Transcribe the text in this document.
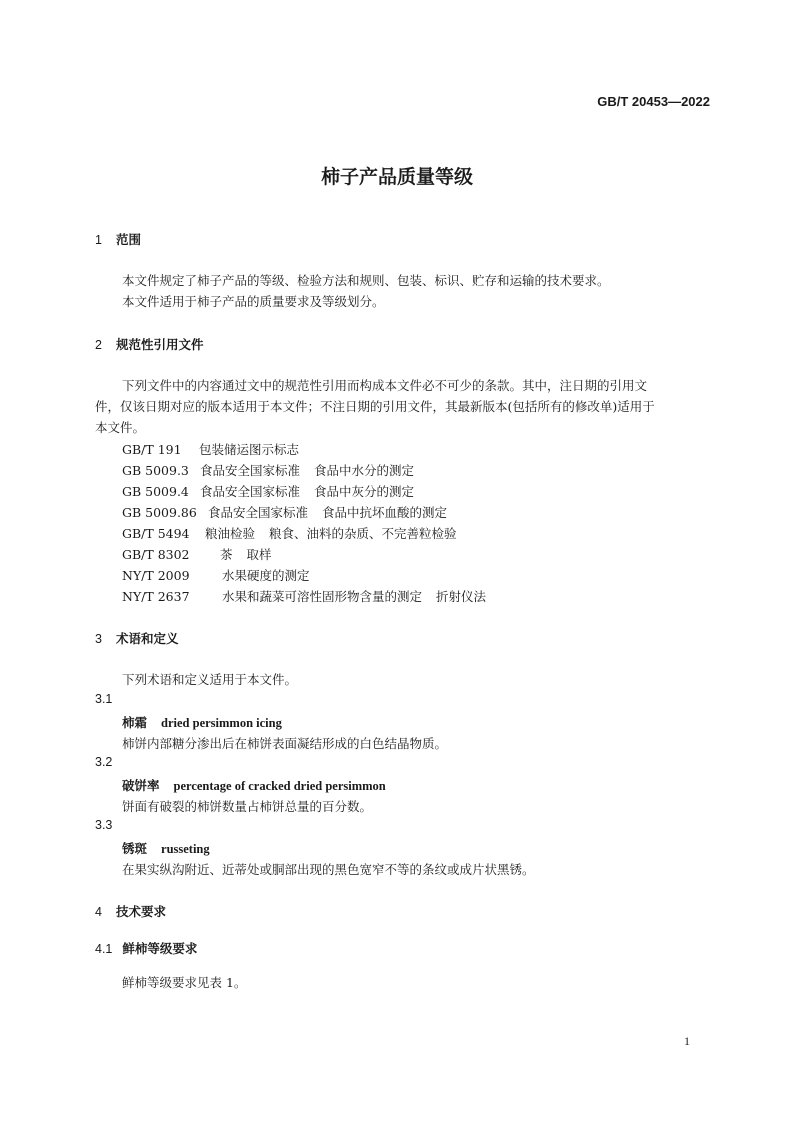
GB/T 20453—2022
柿子产品质量等级
1 范围
本文件规定了柿子产品的等级、检验方法和规则、包装、标识、贮存和运输的技术要求。
本文件适用于柿子产品的质量要求及等级划分。
2 规范性引用文件
下列文件中的内容通过文中的规范性引用而构成本文件必不可少的条款。其中，注日期的引用文
件，仅该日期对应的版本适用于本文件；不注日期的引用文件，其最新版本(包括所有的修改单)适用于
本文件。
GB/T 191 包装储运图示标志
GB 5009.3 食品安全国家标准 食品中水分的测定
GB 5009.4 食品安全国家标准 食品中灰分的测定
GB 5009.86 食品安全国家标准 食品中抗坏血酸的测定
GB/T 5494 粮油检验 粮食、油料的杂质、不完善粒检验
GB/T 8302 茶 取样
NY/T 2009	水果硬度的测定
NY/T 2637	水果和蔬菜可溶性固形物含量的测定 折射仪法
3 术语和定义
下列术语和定义适用于本文件。
3.1
柿霜 dried persimmon icing
柿饼内部糖分渗出后在柿饼表面凝结形成的白色结晶物质。
3.2
破饼率 percentage of cracked dried persimmon
饼面有破裂的柿饼数量占柿饼总量的百分数。
3.3
锈斑 russeting
在果实纵沟附近、近蒂处或胴部出现的黑色宽窄不等的条纹或成片状黑锈。
4 技术要求
4.1 鲜柿等级要求
鲜柿等级要求见表 1。
1
